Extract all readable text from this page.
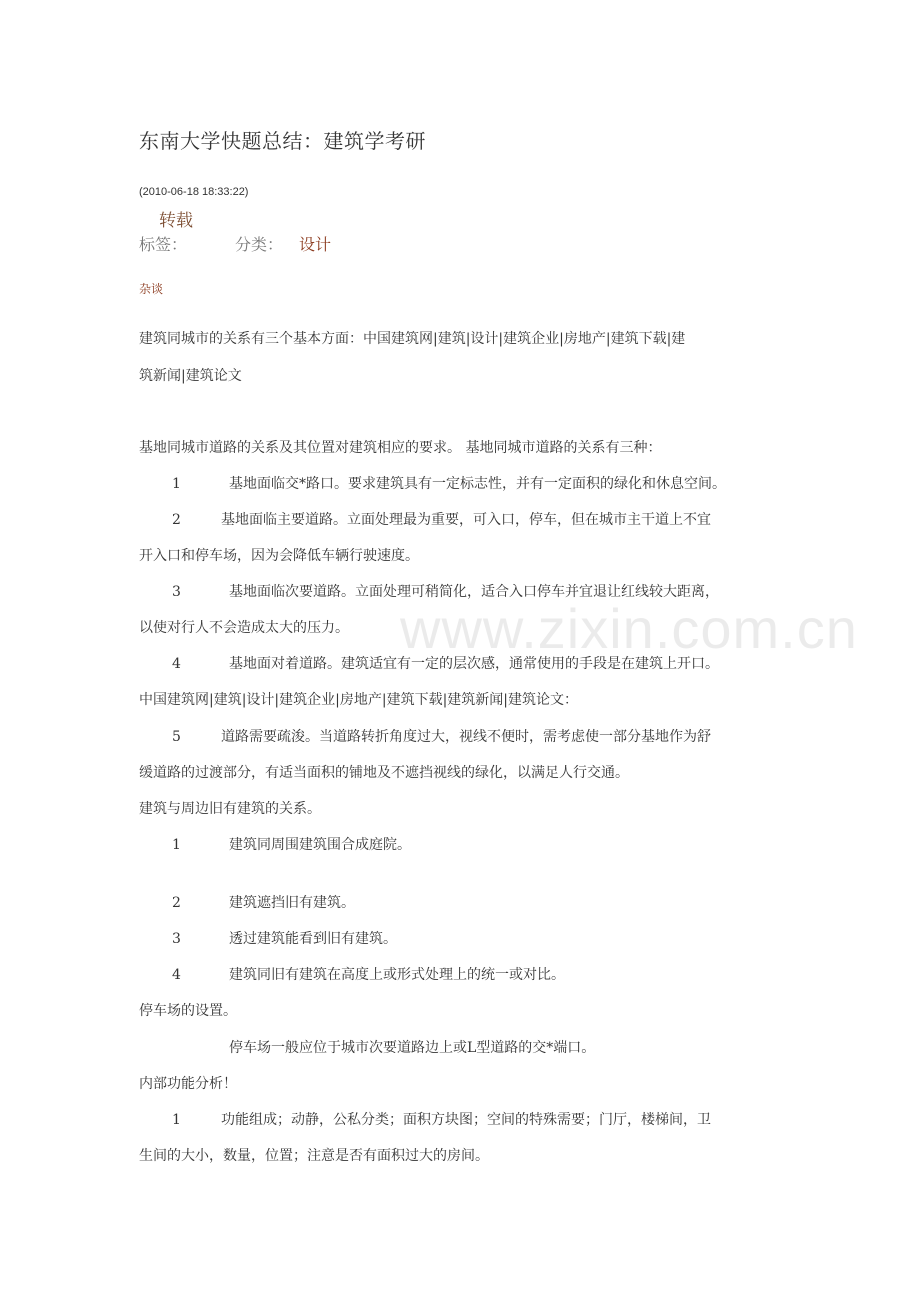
东南大学快题总结：建筑学考研
(2010-06-18 18:33:22)
转载
标签：	分类： 设计
杂谈
www.zixin.com.cn
建筑同城市的关系有三个基本方面：中国建筑网|建筑|设计|建筑企业|房地产|建筑下载|建
筑新闻|建筑论文
基地同城市道路的关系及其位置对建筑相应的要求。 基地同城市道路的关系有三种：
1	基地面临交*路口。要求建筑具有一定标志性，并有一定面积的绿化和休息空间。
2	基地面临主要道路。立面处理最为重要，可入口，停车，但在城市主干道上不宜
开入口和停车场，因为会降低车辆行驶速度。
3	基地面临次要道路。立面处理可稍简化，适合入口停车并宜退让红线较大距离，
以使对行人不会造成太大的压力。
4	基地面对着道路。建筑适宜有一定的层次感，通常使用的手段是在建筑上开口。
中国建筑网|建筑|设计|建筑企业|房地产|建筑下载|建筑新闻|建筑论文：
5	道路需要疏浚。当道路转折角度过大，视线不便时，需考虑使一部分基地作为舒
缓道路的过渡部分，有适当面积的铺地及不遮挡视线的绿化，以满足人行交通。
建筑与周边旧有建筑的关系。
1	建筑同周围建筑围合成庭院。
2	建筑遮挡旧有建筑。
3	透过建筑能看到旧有建筑。
4	建筑同旧有建筑在高度上或形式处理上的统一或对比。
停车场的设置。
停车场一般应位于城市次要道路边上或L型道路的交*端口。
内部功能分析！
1	功能组成；动静，公私分类；面积方块图；空间的特殊需要；门厅，楼梯间，卫
生间的大小，数量，位置；注意是否有面积过大的房间。
